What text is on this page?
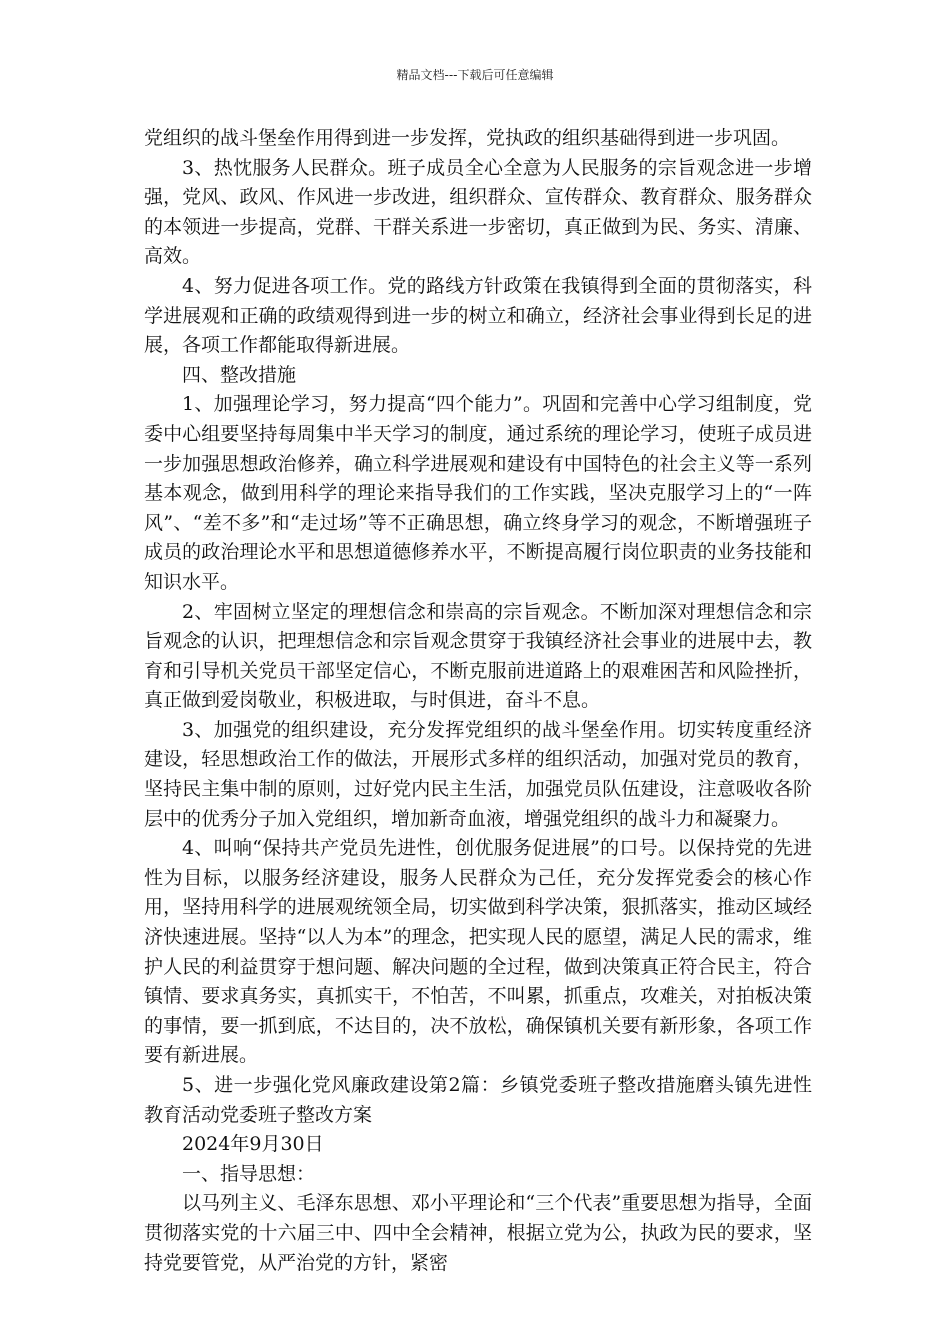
精品文档---下载后可任意编辑

党组织的战斗堡垒作用得到进一步发挥，党执政的组织基础得到进一步巩固。

3、热忱服务人民群众。班子成员全心全意为人民服务的宗旨观念进一步增强，党风、政风、作风进一步改进，组织群众、宣传群众、教育群众、服务群众的本领进一步提高，党群、干群关系进一步密切，真正做到为民、务实、清廉、高效。

4、努力促进各项工作。党的路线方针政策在我镇得到全面的贯彻落实，科学进展观和正确的政绩观得到进一步的树立和确立，经济社会事业得到长足的进展，各项工作都能取得新进展。

四、整改措施

1、加强理论学习，努力提高“四个能力”。巩固和完善中心学习组制度，党委中心组要坚持每周集中半天学习的制度，通过系统的理论学习，使班子成员进一步加强思想政治修养，确立科学进展观和建设有中国特色的社会主义等一系列基本观念，做到用科学的理论来指导我们的工作实践，坚决克服学习上的“一阵风”、“差不多”和“走过场”等不正确思想，确立终身学习的观念，不断增强班子成员的政治理论水平和思想道德修养水平，不断提高履行岗位职责的业务技能和知识水平。

2、牢固树立坚定的理想信念和崇高的宗旨观念。不断加深对理想信念和宗旨观念的认识，把理想信念和宗旨观念贯穿于我镇经济社会事业的进展中去，教育和引导机关党员干部坚定信心，不断克服前进道路上的艰难困苦和风险挫折，真正做到爱岗敬业，积极进取，与时俱进，奋斗不息。

3、加强党的组织建设，充分发挥党组织的战斗堡垒作用。切实转度重经济建设，轻思想政治工作的做法，开展形式多样的组织活动，加强对党员的教育，坚持民主集中制的原则，过好党内民主生活，加强党员队伍建设，注意吸收各阶层中的优秀分子加入党组织，增加新奇血液，增强党组织的战斗力和凝聚力。

4、叫响“保持共产党员先进性，创优服务促进展”的口号。以保持党的先进性为目标，以服务经济建设，服务人民群众为己任，充分发挥党委会的核心作用，坚持用科学的进展观统领全局，切实做到科学决策，狠抓落实，推动区域经济快速进展。坚持“以人为本”的理念，把实现人民的愿望，满足人民的需求，维护人民的利益贯穿于想问题、解决问题的全过程，做到决策真正符合民主，符合镇情、要求真务实，真抓实干，不怕苦，不叫累，抓重点，攻难关，对拍板决策的事情，要一抓到底，不达目的，决不放松，确保镇机关要有新形象，各项工作要有新进展。

5、进一步强化党风廉政建设第2篇：乡镇党委班子整改措施磨头镇先进性教育活动党委班子整改方案

2024年9月30日

一、指导思想：

以马列主义、毛泽东思想、邓小平理论和“三个代表”重要思想为指导，全面贯彻落实党的十六届三中、四中全会精神，根据立党为公，执政为民的要求，坚持党要管党，从严治党的方针，紧密
